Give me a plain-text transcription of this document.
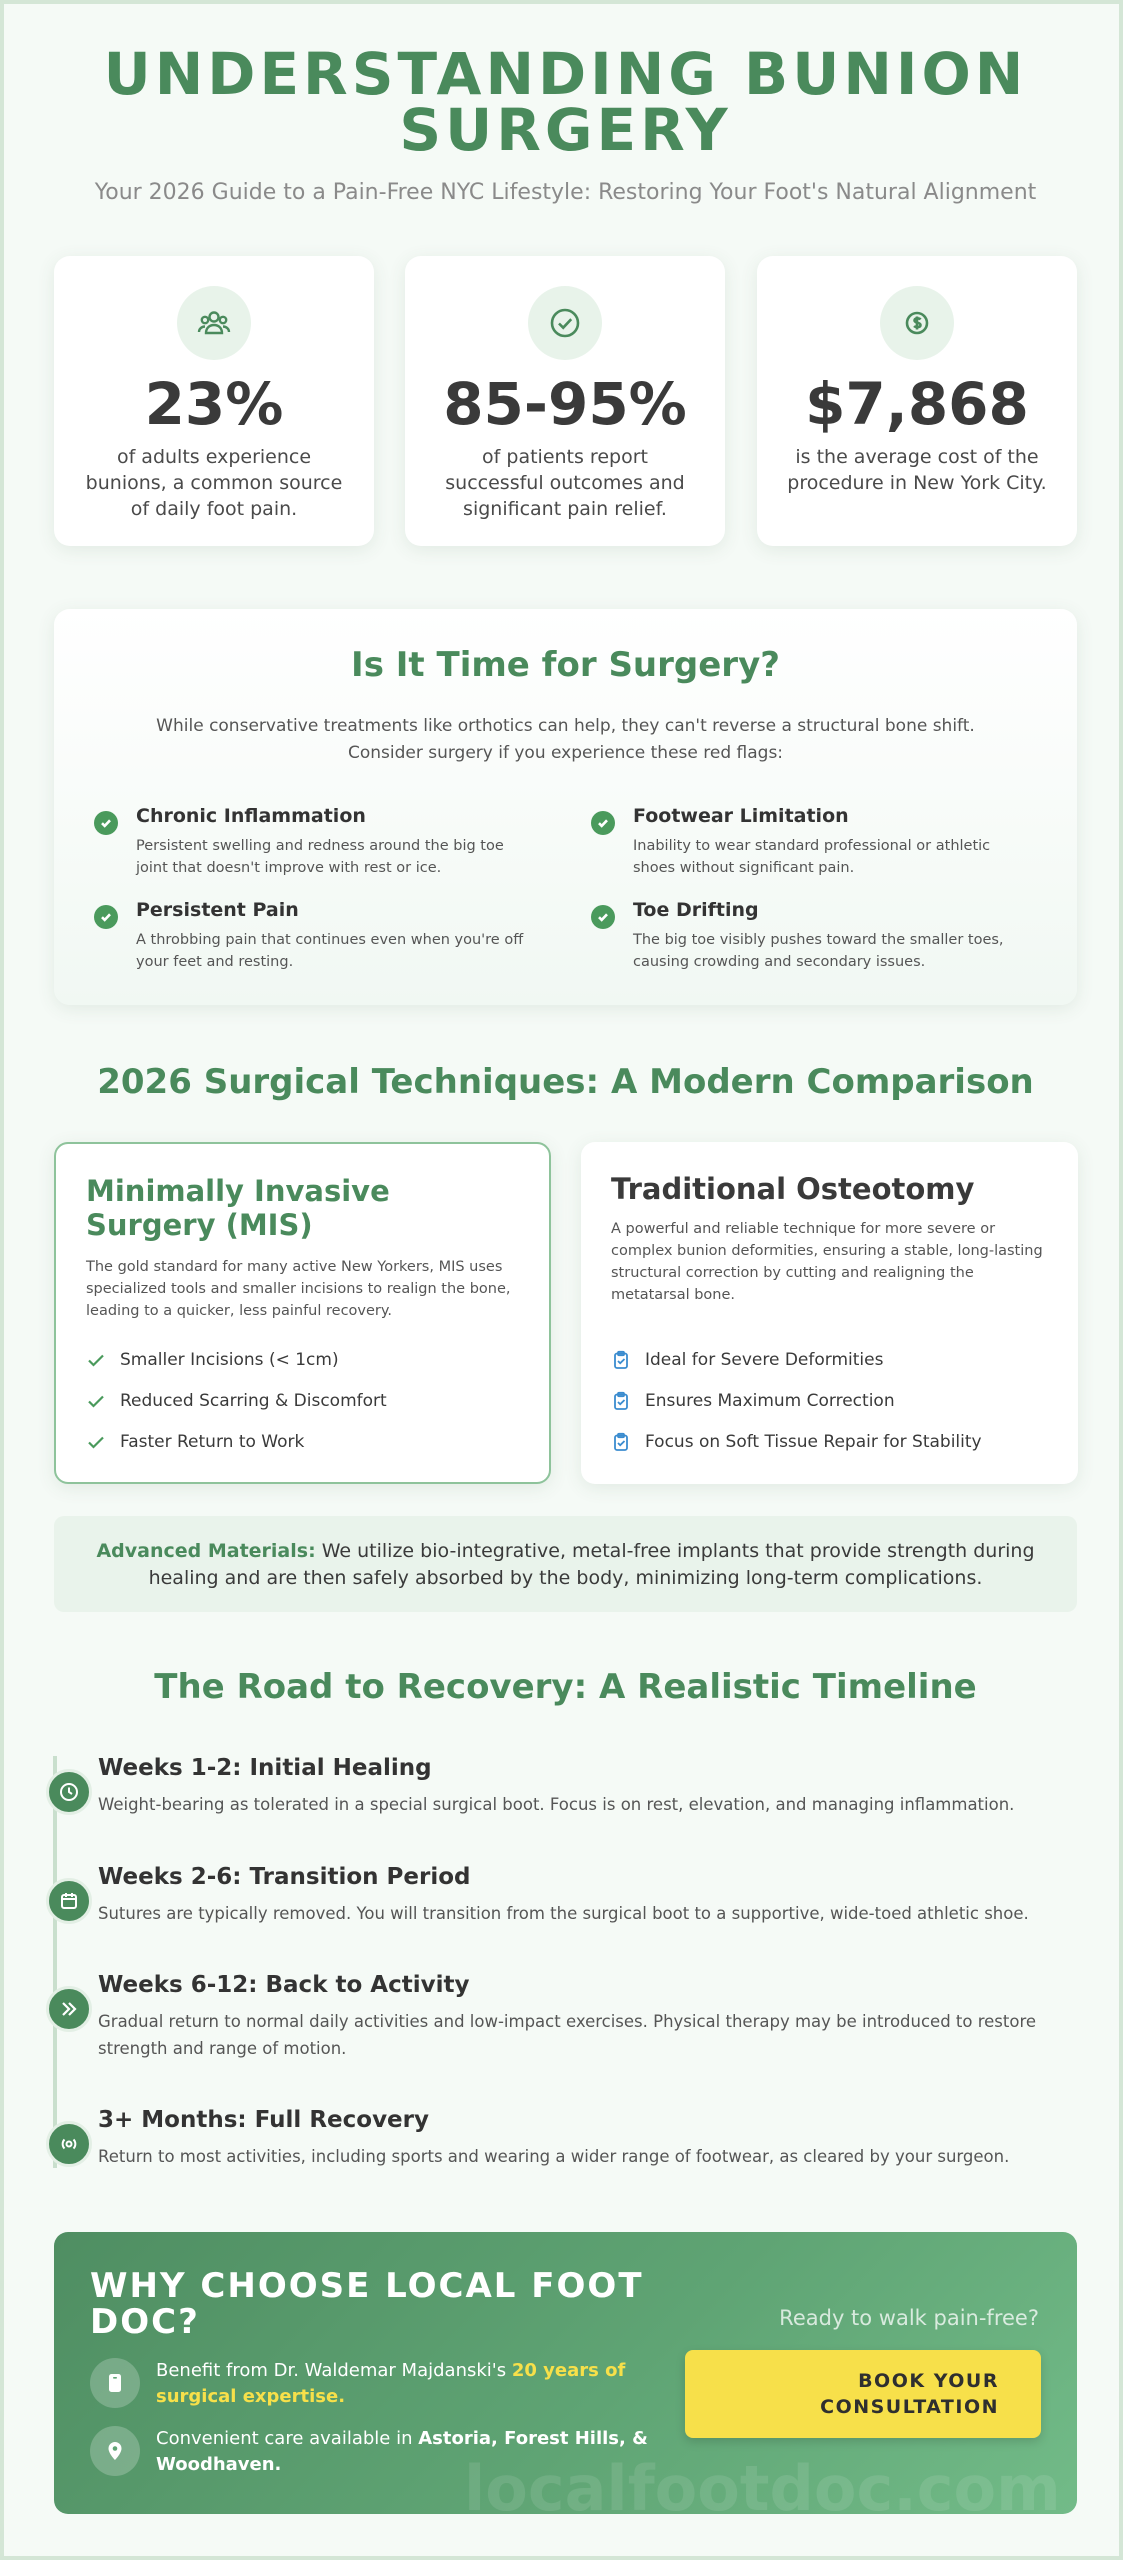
UNDERSTANDING BUNION SURGERY

Your 2026 Guide to a Pain-Free NYC Lifestyle: Restoring Your Foot's Natural Alignment

23%
of adults experience bunions, a common source of daily foot pain.
85-95%
of patients report successful outcomes and significant pain relief.
$7,868
is the average cost of the procedure in New York City.
Is It Time for Surgery?

While conservative treatments like orthotics can help, they can't reverse a structural bone shift. Consider surgery if you experience these red flags:

Chronic Inflammation
Persistent swelling and redness around the big toe joint that doesn't improve with rest or ice.
Footwear Limitation
Inability to wear standard professional or athletic shoes without significant pain.
Persistent Pain
A throbbing pain that continues even when you're off your feet and resting.
Toe Drifting
The big toe visibly pushes toward the smaller toes, causing crowding and secondary issues.
2026 Surgical Techniques: A Modern Comparison
Minimally Invasive Surgery (MIS)

The gold standard for many active New Yorkers, MIS uses specialized tools and smaller incisions to realign the bone, leading to a quicker, less painful recovery.

Smaller Incisions (< 1cm)
Reduced Scarring & Discomfort
Faster Return to Work
Traditional Osteotomy

A powerful and reliable technique for more severe or complex bunion deformities, ensuring a stable, long-lasting structural correction by cutting and realigning the metatarsal bone.

Ideal for Severe Deformities
Ensures Maximum Correction
Focus on Soft Tissue Repair for Stability
Advanced Materials: We utilize bio-integrative, metal-free implants that provide strength during healing and are then safely absorbed by the body, minimizing long-term complications.
The Road to Recovery: A Realistic Timeline
Weeks 1-2: Initial Healing
Weight-bearing as tolerated in a special surgical boot. Focus is on rest, elevation, and managing inflammation.
Weeks 2-6: Transition Period
Sutures are typically removed. You will transition from the surgical boot to a supportive, wide-toed athletic shoe.
Weeks 6-12: Back to Activity
Gradual return to normal daily activities and low-impact exercises. Physical therapy may be introduced to restore strength and range of motion.
3+ Months: Full Recovery
Return to most activities, including sports and wearing a wider range of footwear, as cleared by your surgeon.
localfootdoc.com
WHY CHOOSE LOCAL FOOT DOC?
Benefit from Dr. Waldemar Majdanski's 20 years of surgical expertise.
Convenient care available in Astoria, Forest Hills, & Woodhaven.
Ready to walk pain-free?
BOOK YOUR CONSULTATION
